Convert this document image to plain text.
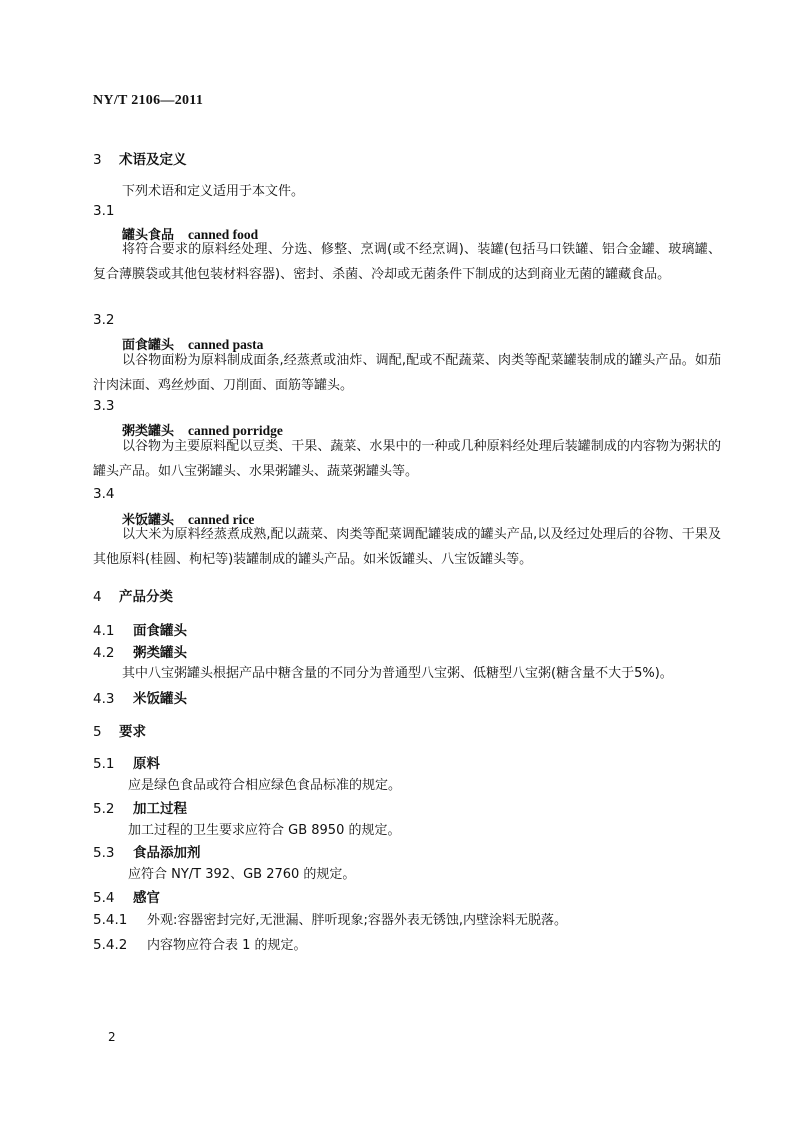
NY/T 2106—2011
3 术语及定义
下列术语和定义适用于本文件。
3.1
罐头食品 canned food
将符合要求的原料经处理、分选、修整、烹调(或不经烹调)、装罐(包括马口铁罐、铝合金罐、玻璃罐、复合薄膜袋或其他包装材料容器)、密封、杀菌、冷却或无菌条件下制成的达到商业无菌的罐藏食品。
3.2
面食罐头 canned pasta
以谷物面粉为原料制成面条,经蒸煮或油炸、调配,配或不配蔬菜、肉类等配菜罐装制成的罐头产品。如茄汁肉沫面、鸡丝炒面、刀削面、面筋等罐头。
3.3
粥类罐头 canned porridge
以谷物为主要原料配以豆类、干果、蔬菜、水果中的一种或几种原料经处理后装罐制成的内容物为粥状的罐头产品。如八宝粥罐头、水果粥罐头、蔬菜粥罐头等。
3.4
米饭罐头 canned rice
以大米为原料经蒸煮成熟,配以蔬菜、肉类等配菜调配罐装成的罐头产品,以及经过处理后的谷物、干果及其他原料(桂圆、枸杞等)装罐制成的罐头产品。如米饭罐头、八宝饭罐头等。
4 产品分类
4.1 面食罐头
4.2 粥类罐头
其中八宝粥罐头根据产品中糖含量的不同分为普通型八宝粥、低糖型八宝粥(糖含量不大于5%)。
4.3 米饭罐头
5 要求
5.1 原料
应是绿色食品或符合相应绿色食品标准的规定。
5.2 加工过程
加工过程的卫生要求应符合 GB 8950 的规定。
5.3 食品添加剂
应符合 NY/T 392、GB 2760 的规定。
5.4 感官
5.4.1 外观:容器密封完好,无泄漏、胖听现象;容器外表无锈蚀,内壁涂料无脱落。
5.4.2 内容物应符合表 1 的规定。
2
